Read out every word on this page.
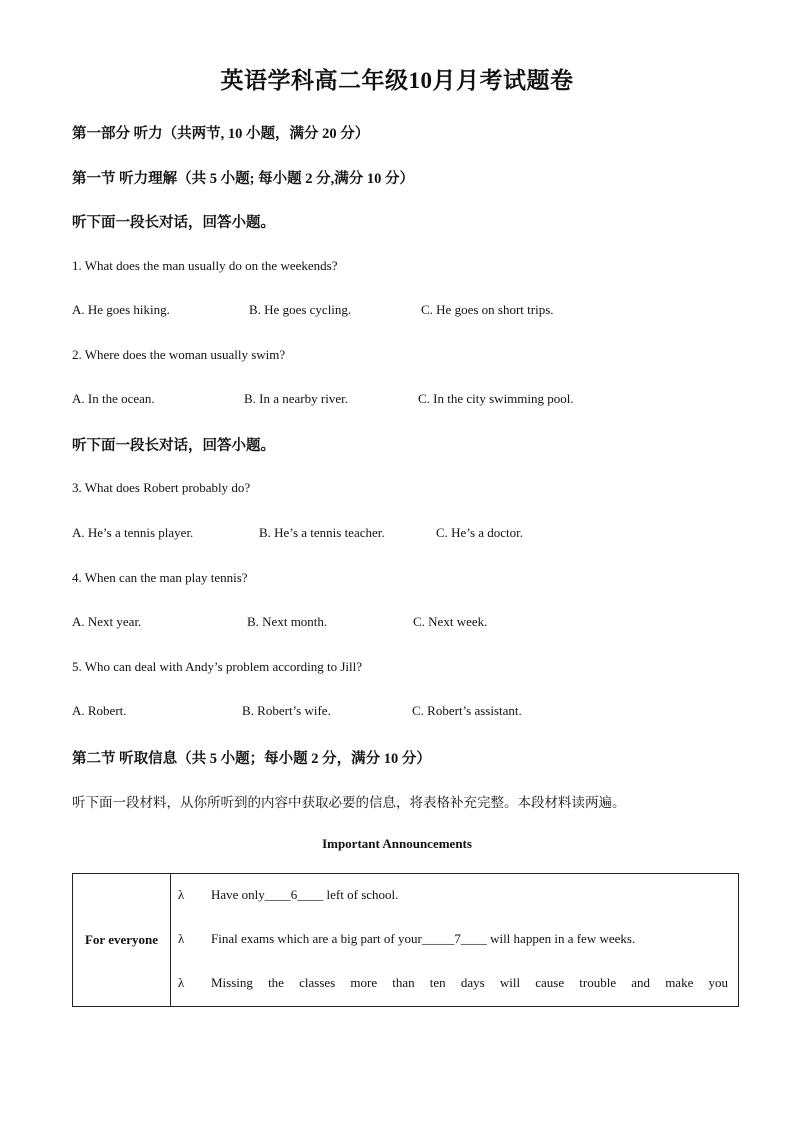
英语学科高二年级10月月考试题卷
第一部分 听力（共两节, 10 小题，满分 20 分）
第一节 听力理解（共 5 小题; 每小题 2 分,满分 10 分）
听下面一段长对话，回答小题。
1. What does the man usually do on the weekends?
A. He goes hiking.	B. He goes cycling.	C. He goes on short trips.
2. Where does the woman usually swim?
A. In the ocean.	B. In a nearby river.	C. In the city swimming pool.
听下面一段长对话，回答小题。
3. What does Robert probably do?
A. He’s a tennis player.	B. He’s a tennis teacher.	C. He’s a doctor.
4. When can the man play tennis?
A. Next year.	B. Next month.	C. Next week.
5. Who can deal with Andy’s problem according to Jill?
A. Robert.	B. Robert’s wife.	C. Robert’s assistant.
第二节 听取信息（共 5 小题；每小题 2 分，满分 10 分）
听下面一段材料，从你所听到的内容中获取必要的信息，将表格补充完整。本段材料读两遍。
Important Announcements
For everyone	
λ Have only____6____ left of school.

λ Final exams which are a big part of your_____7____ will happen in a few weeks.

λ Missing the classes more than ten days will cause trouble and make you
